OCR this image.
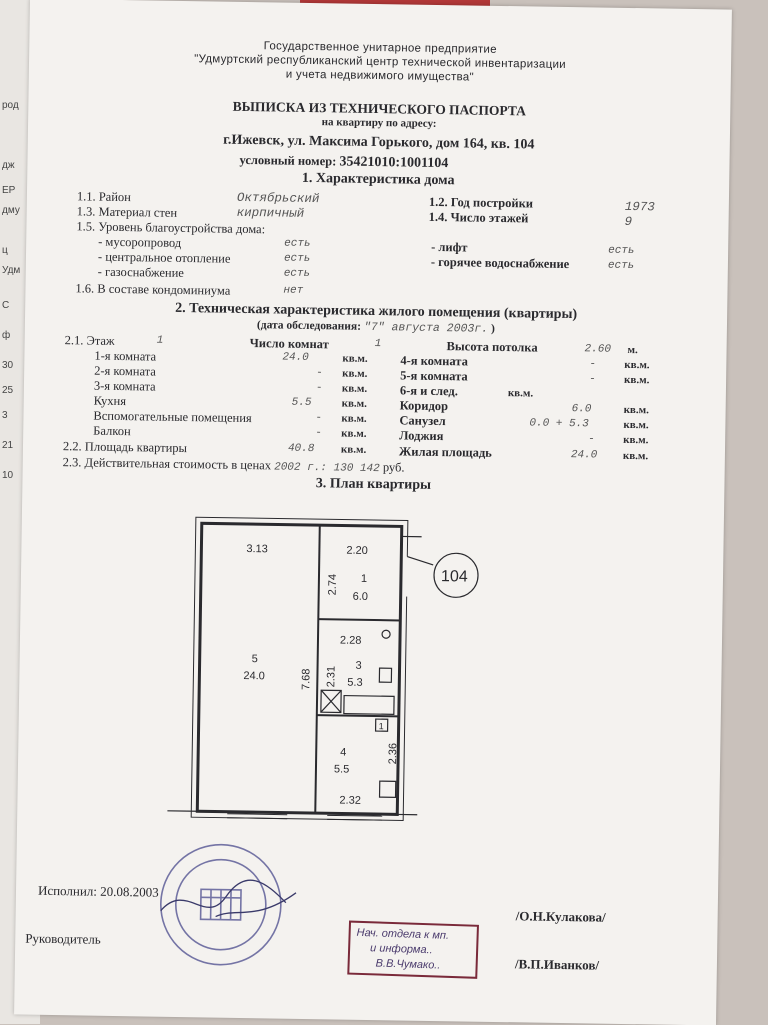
род
дж
ЕР
дму
ц
Удм
С
ф
30
25
3
21
10
Государственное унитарное предприятие
"Удмуртский республиканский центр технической инвентаризации
и учета недвижимого имущества"
ВЫПИСКА ИЗ ТЕХНИЧЕСКОГО ПАСПОРТА
на квартиру по адресу:
г.Ижевск, ул. Максима Горького, дом 164, кв. 104
условный номер: 35421010:1001104
1. Характеристика дома
1.1. Район	Октябрьский
1.3. Материал стен	кирпичный
1.2. Год постройки	1973
1.4. Число этажей	9
1.5. Уровень благоустройства дома:
- мусоропровод	есть
- центральное отопление	есть
- газоснабжение	есть
- лифт	есть
- горячее водоснабжение	есть
1.6. В составе кондоминиума	нет
2. Техническая характеристика жилого помещения (квартиры)
(дата обследования: "7" августа 2003г. )
2.1. Этаж	1	Число комнат	1	Высота потолка	2.60 м.
1-я комната	24.0	кв.м.
2-я комната	- кв.м.
3-я комната	- кв.м.
Кухня	5.5	кв.м.
Вспомогательные помещения	- кв.м.
Балкон	- кв.м.
4-я комната	-	кв.м.
5-я комната	-	кв.м.
6-я и след.	кв.м.
Коридор	6.0	кв.м.
Санузел	0.0 + 5.3	кв.м.
Лоджия	-	кв.м.
2.2. Площадь квартиры	40.8 кв.м.	Жилая площадь	24.0 кв.м.
2.3. Действительная стоимость в ценах 2002 г.: 130 142 руб.
3. План квартиры
3.13	2.20
2.74 1
6.0
2.28
2.31
3
5.3
5
24.0	7.68
1
4
5.5
2.36
2.32
104
Нач. отдела к мп.
и информа..
В.В.Чумако..
Исполнил: 20.08.2003
/О.Н.Кулакова/
Руководитель
/В.П.Иванков/
